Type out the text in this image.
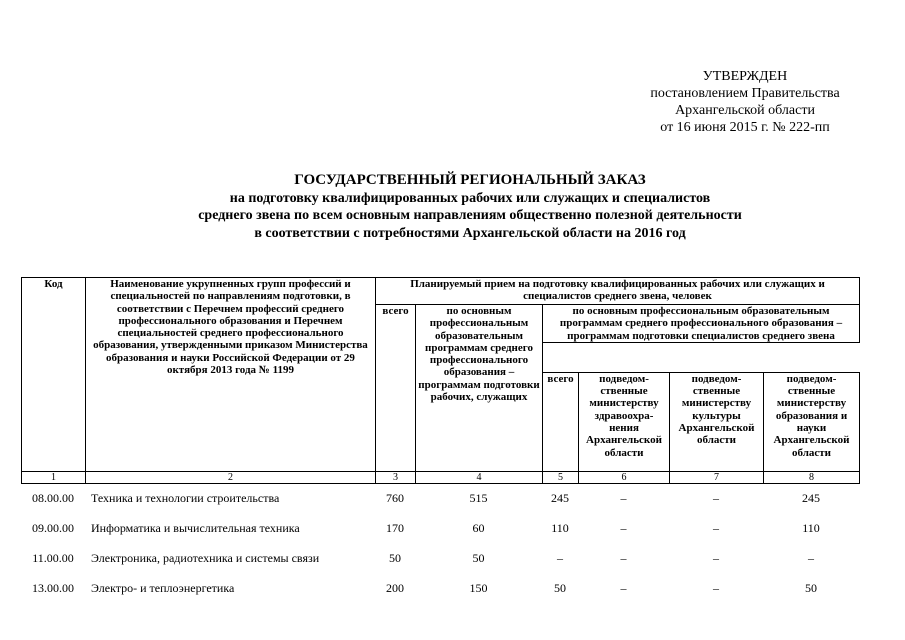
УТВЕРЖДЕН
постановлением Правительства
Архангельской области
от 16 июня 2015 г. № 222-пп
ГОСУДАРСТВЕННЫЙ РЕГИОНАЛЬНЫЙ ЗАКАЗ
на подготовку квалифицированных рабочих или служащих и специалистов
среднего звена по всем основным направлениям общественно полезной деятельности
в соответствии с потребностями Архангельской области на 2016 год
Код	Наименование укрупненных групп профессий и специальностей по направлениям подготовки, в соответствии с Перечнем профессий среднего профессионального образования и Перечнем специальностей среднего профессионального образования, утвержденными приказом Министерства образования и науки Российской Федерации от 29 октября 2013 года № 1199	Планируемый прием на подготовку квалифицированных рабочих или служащих и специалистов среднего звена, человек					
		всего	по основным профессиональным образовательным программам среднего профессионального образования – программам подготовки рабочих, служащих	по основным профессиональным образовательным программам среднего профессионального образования – программам подготовки специалистов среднего звена			

				всего	подведом-ственные министерству здравоохра-нения Архангельской области	подведом-ственные министерству культуры Архангельской области	подведом-ственные министерству образования и науки Архангельской области
1	2	3	4	5	6	7	8
08.00.00	Техника и технологии строительства	760	515	245	–	–	245
09.00.00	Информатика и вычислительная техника	170	60	110	–	–	110
11.00.00	Электроника, радиотехника и системы связи	50	50	–	–	–	–
13.00.00	Электро- и теплоэнергетика	200	150	50	–	–	50
